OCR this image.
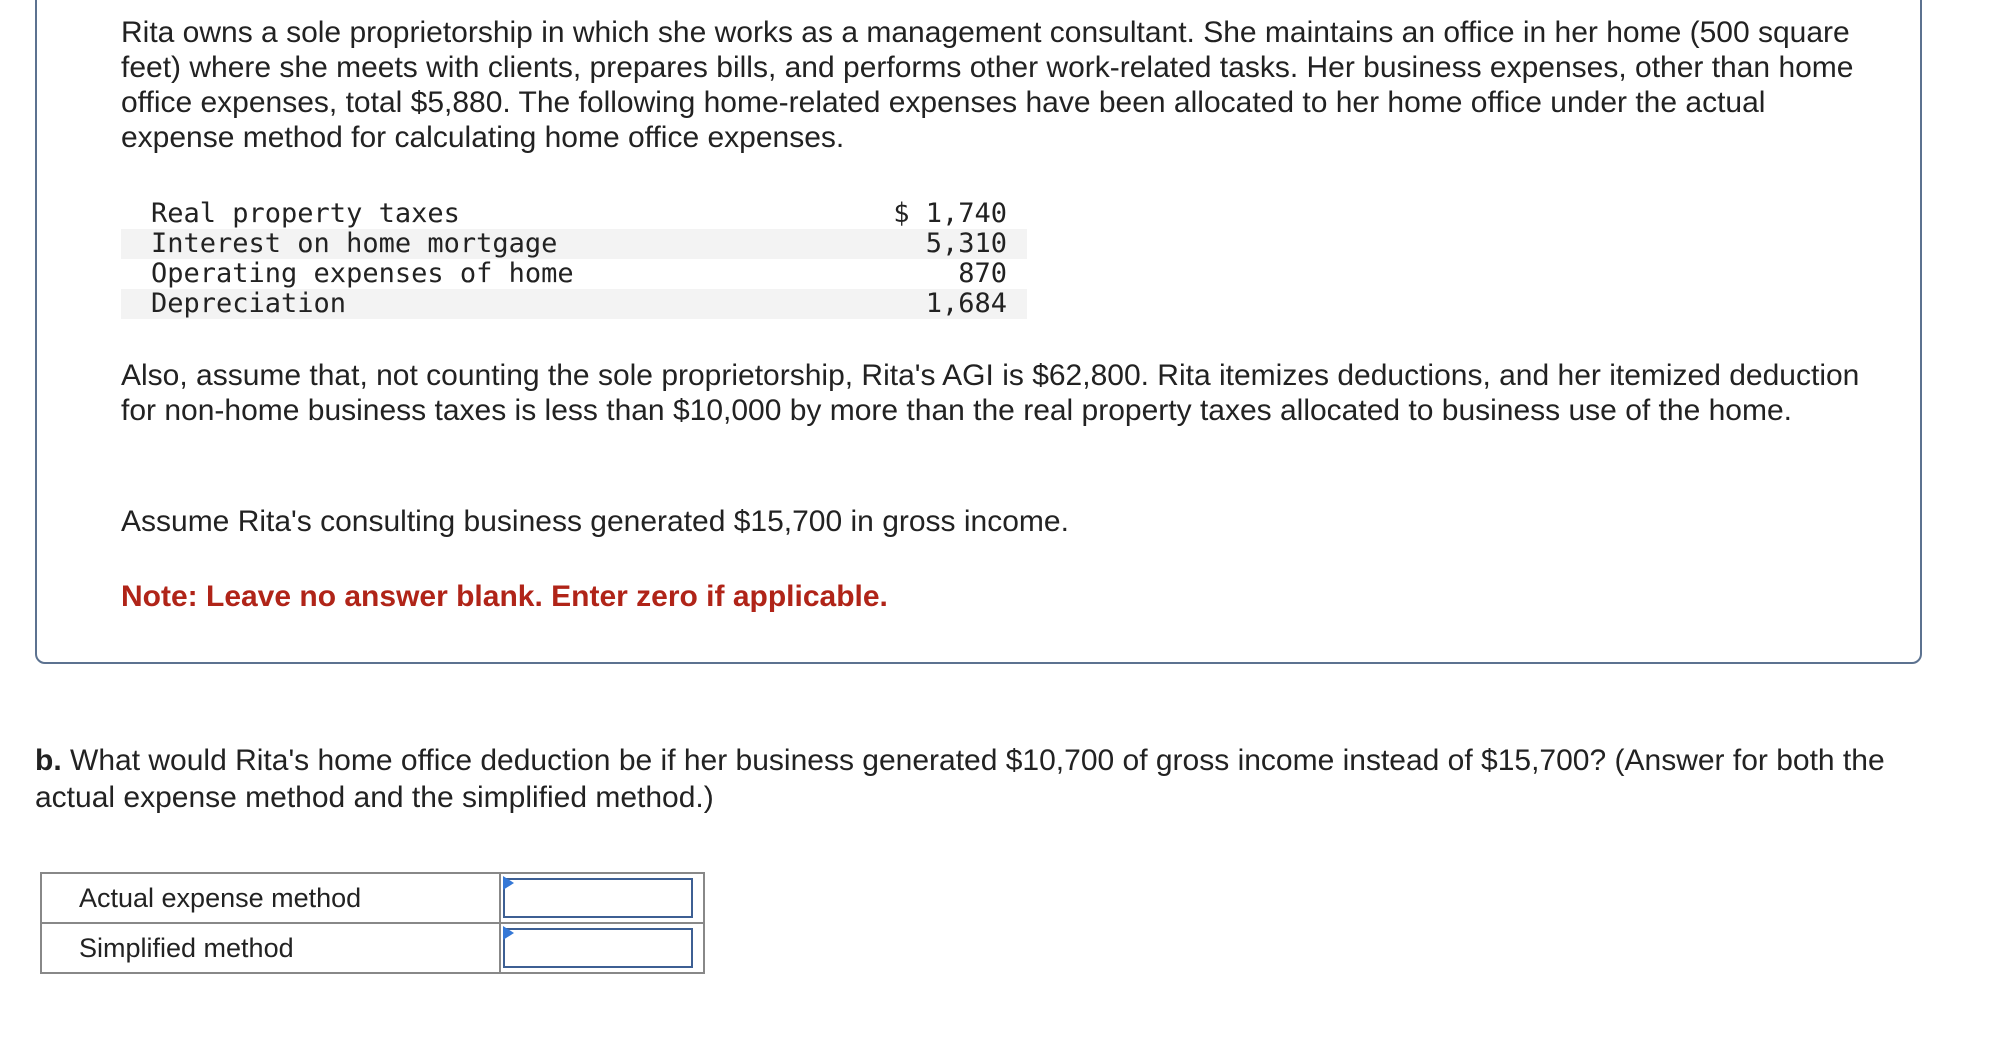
Rita owns a sole proprietorship in which she works as a management consultant. She maintains an office in her home (500 square feet) where she meets with clients, prepares bills, and performs other work-related tasks. Her business expenses, other than home office expenses, total $5,880. The following home-related expenses have been allocated to her home office under the actual expense method for calculating home office expenses.

Real property taxes	$ 1,740
Interest on home mortgage	5,310
Operating expenses of home	870
Depreciation	1,684

Also, assume that, not counting the sole proprietorship, Rita's AGI is $62,800. Rita itemizes deductions, and her itemized deduction for non-home business taxes is less than $10,000 by more than the real property taxes allocated to business use of the home.

Assume Rita's consulting business generated $15,700 in gross income.

Note: Leave no answer blank. Enter zero if applicable.

b. What would Rita's home office deduction be if her business generated $10,700 of gross income instead of $15,700? (Answer for both the actual expense method and the simplified method.)

Actual expense method	

Simplified method	
